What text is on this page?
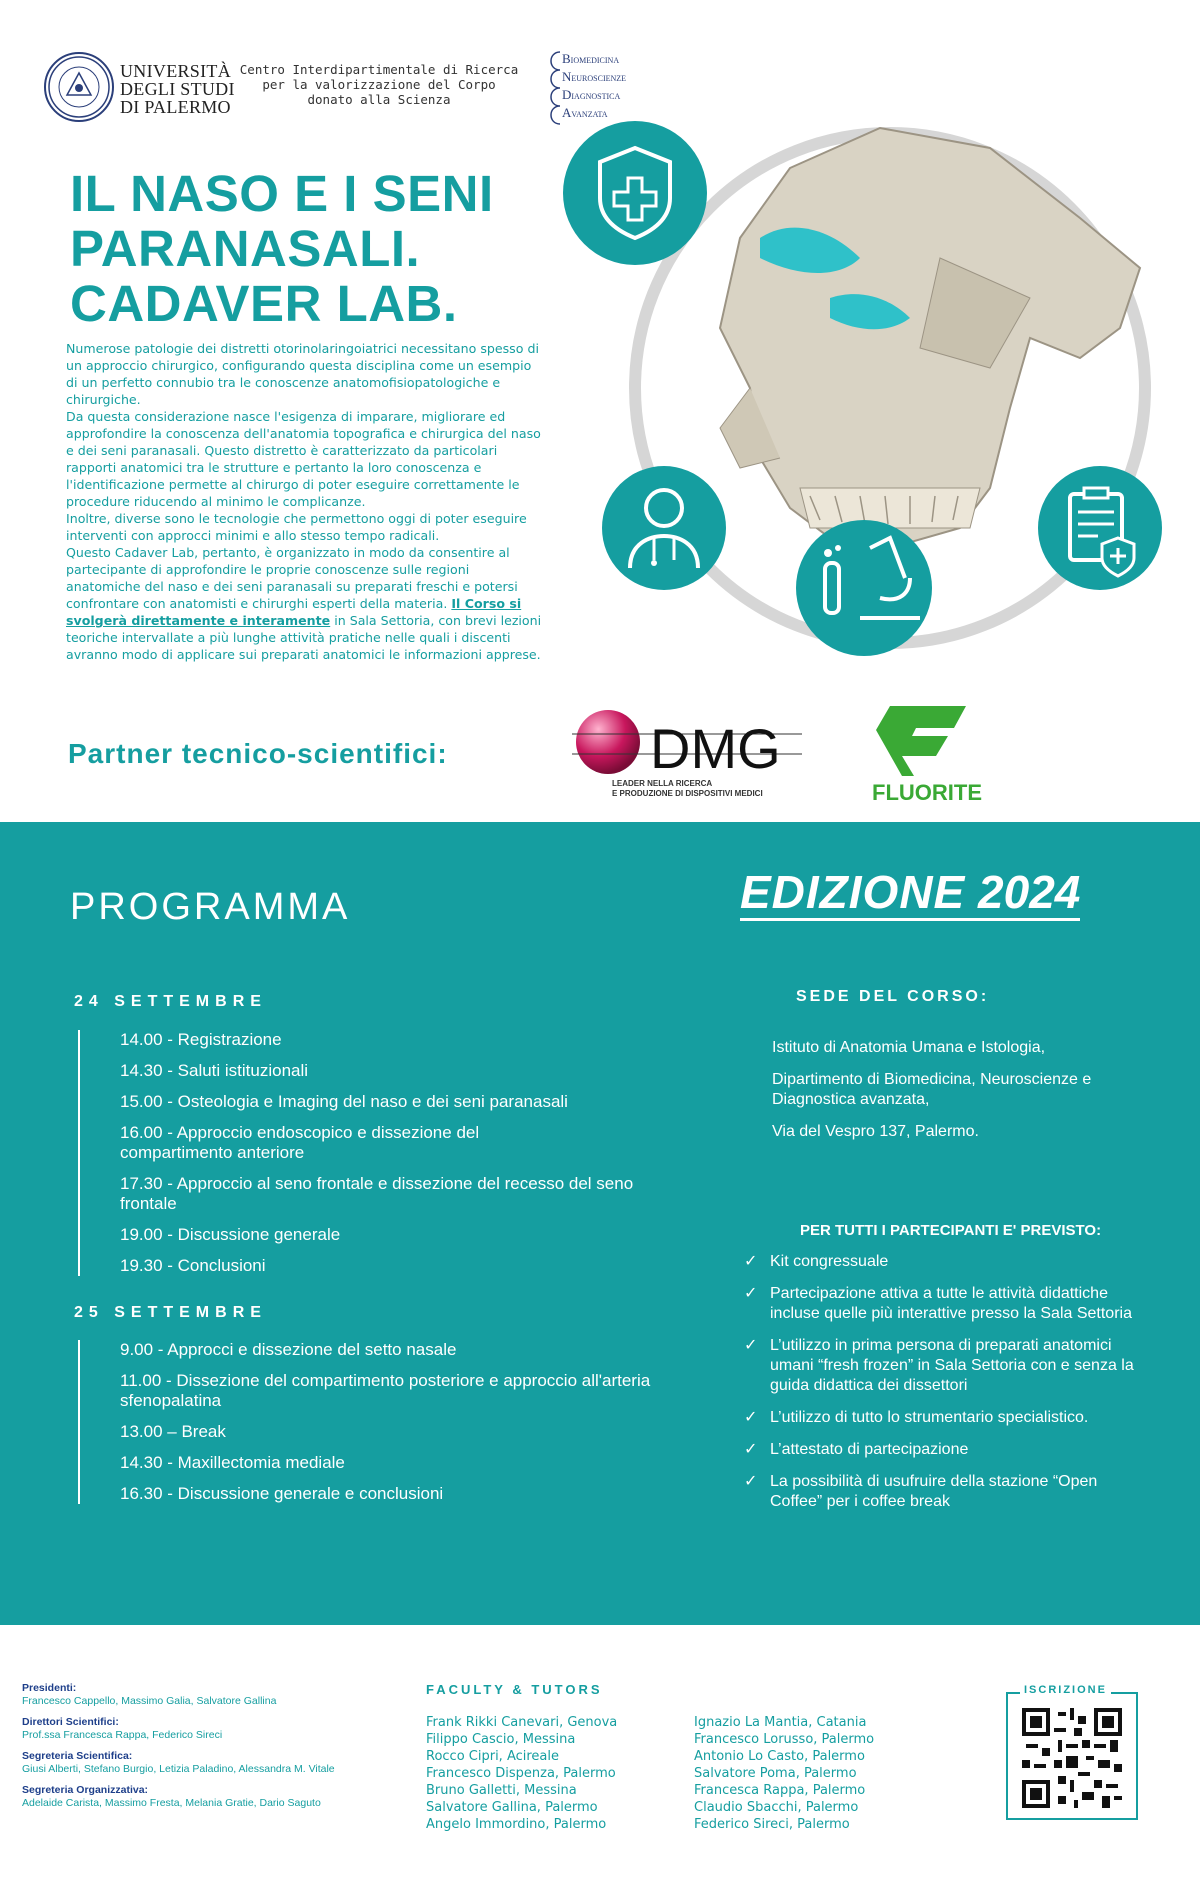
UNIVERSITÀ
DEGLI STUDI
DI PALERMO
Centro Interdipartimentale di Ricerca
per la valorizzazione del Corpo
donato alla Scienza
BIOMEDICINA
NEUROSCIENZE
DIAGNOSTICA
AVANZATA
IL NASO E I SENI
PARANASALI.
CADAVER LAB.

Numerose patologie dei distretti otorinolaringoiatrici necessitano spesso di un approccio chirurgico, configurando questa disciplina come un esempio di un perfetto connubio tra le conoscenze anatomofisiopatologiche e chirurgiche.

Da questa considerazione nasce l'esigenza di imparare, migliorare ed approfondire la conoscenza dell'anatomia topografica e chirurgica del naso e dei seni paranasali. Questo distretto è caratterizzato da particolari rapporti anatomici tra le strutture e pertanto la loro conoscenza e l'identificazione permette al chirurgo di poter eseguire correttamente le procedure riducendo al minimo le complicanze.

Inoltre, diverse sono le tecnologie che permettono oggi di poter eseguire interventi con approcci minimi e allo stesso tempo radicali.

Questo Cadaver Lab, pertanto, è organizzato in modo da consentire al partecipante di approfondire le proprie conoscenze sulle regioni anatomiche del naso e dei seni paranasali su preparati freschi e potersi confrontare con anatomisti e chirurghi esperti della materia. Il Corso si svolgerà direttamente e interamente in Sala Settoria, con brevi lezioni teoriche intervallate a più lunghe attività pratiche nelle quali i discenti avranno modo di applicare sui preparati anatomici le informazioni apprese.

Partner tecnico-scientifici:	DMG
LEADER NELLA RICERCA
E PRODUZIONE DI DISPOSITIVI MEDICI	FLUORITE
PROGRAMMA	EDIZIONE 2024
24 SETTEMBRE
14.00 - Registrazione
14.30 - Saluti istituzionali
15.00 - Osteologia e Imaging del naso e dei seni paranasali
16.00 - Approccio endoscopico e dissezione del compartimento anteriore
17.30 - Approccio al seno frontale e dissezione del recesso del seno frontale
19.00 - Discussione generale
19.30 - Conclusioni
25 SETTEMBRE
9.00 - Approcci e dissezione del setto nasale
11.00 - Dissezione del compartimento posteriore e approccio all'arteria sfenopalatina
13.00 – Break
14.30 - Maxillectomia mediale
16.30 - Discussione generale e conclusioni
SEDE DEL CORSO:
Istituto di Anatomia Umana e Istologia,
Dipartimento di Biomedicina, Neuroscienze e Diagnostica avanzata,
Via del Vespro 137, Palermo.
PER TUTTI I PARTECIPANTI E' PREVISTO:
✓ Kit congressuale
✓ Partecipazione attiva a tutte le attività didattiche incluse quelle più interattive presso la Sala Settoria
✓ L’utilizzo in prima persona di preparati anatomici umani “fresh frozen” in Sala Settoria con e senza la guida didattica dei dissettori
✓ L’utilizzo di tutto lo strumentario specialistico.
✓ L’attestato di partecipazione
✓ La possibilità di usufruire della stazione “Open Coffee” per i coffee break
Presidenti:
Francesco Cappello, Massimo Galia, Salvatore Gallina
Direttori Scientifici:
Prof.ssa Francesca Rappa, Federico Sireci
Segreteria Scientifica:
Giusi Alberti, Stefano Burgio, Letizia Paladino, Alessandra M. Vitale
Segreteria Organizzativa:
Adelaide Carista, Massimo Fresta, Melania Gratie, Dario Saguto
FACULTY & TUTORS
Frank Rikki Canevari, Genova
Filippo Cascio, Messina
Rocco Cipri, Acireale
Francesco Dispenza, Palermo
Bruno Galletti, Messina
Salvatore Gallina, Palermo
Angelo Immordino, Palermo
Ignazio La Mantia, Catania
Francesco Lorusso, Palermo
Antonio Lo Casto, Palermo
Salvatore Poma, Palermo
Francesca Rappa, Palermo
Claudio Sbacchi, Palermo
Federico Sireci, Palermo
ISCRIZIONE
